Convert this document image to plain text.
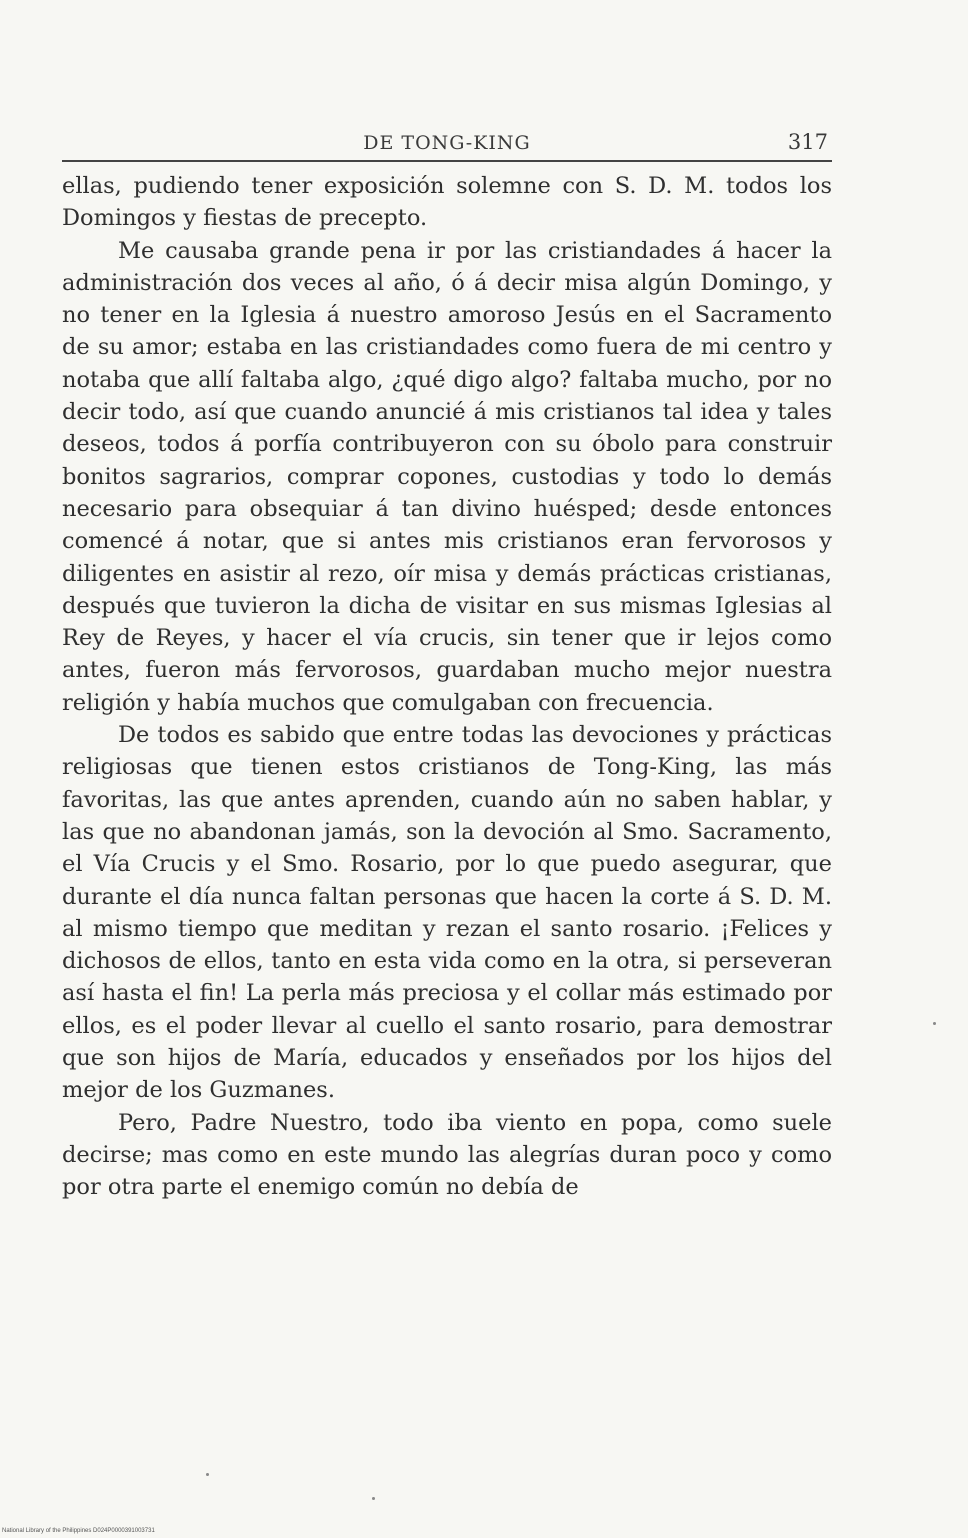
DE TONG-KING	317

ellas, pudiendo tener exposición solemne con S. D. M. todos los Domingos y fiestas de precepto.

Me causaba grande pena ir por las cristiandades á hacer la administración dos veces al año, ó á decir misa algún Domingo, y no tener en la Iglesia á nuestro amoroso Jesús en el Sacramento de su amor; estaba en las cristiandades como fuera de mi centro y notaba que allí faltaba algo, ¿qué digo algo? faltaba mucho, por no decir todo, así que cuando anuncié á mis cristianos tal idea y tales deseos, todos á porfía contribuyeron con su óbolo para construir bonitos sagrarios, comprar copones, custodias y todo lo demás necesario para obsequiar á tan divino huésped; desde entonces comencé á notar, que si antes mis cristianos eran fervorosos y diligentes en asistir al rezo, oír misa y demás prácticas cristianas, después que tuvieron la dicha de visitar en sus mismas Iglesias al Rey de Reyes, y hacer el vía crucis, sin tener que ir lejos como antes, fueron más fervorosos, guardaban mucho mejor nuestra religión y había muchos que comulgaban con frecuencia.

De todos es sabido que entre todas las devociones y prácticas religiosas que tienen estos cristianos de Tong-King, las más favoritas, las que antes aprenden, cuando aún no saben hablar, y las que no abandonan jamás, son la devoción al Smo. Sacramento, el Vía Crucis y el Smo. Rosario, por lo que puedo asegurar, que durante el día nunca faltan personas que hacen la corte á S. D. M. al mismo tiempo que meditan y rezan el santo rosario. ¡Felices y dichosos de ellos, tanto en esta vida como en la otra, si perseveran así hasta el fin! La perla más preciosa y el collar más estimado por ellos, es el poder llevar al cuello el santo rosario, para demostrar que son hijos de María, educados y enseñados por los hijos del mejor de los Guzmanes.

Pero, Padre Nuestro, todo iba viento en popa, como suele decirse; mas como en este mundo las alegrías duran poco y como por otra parte el enemigo común no debía de

National Library of the Philippines D024P0000391003731
